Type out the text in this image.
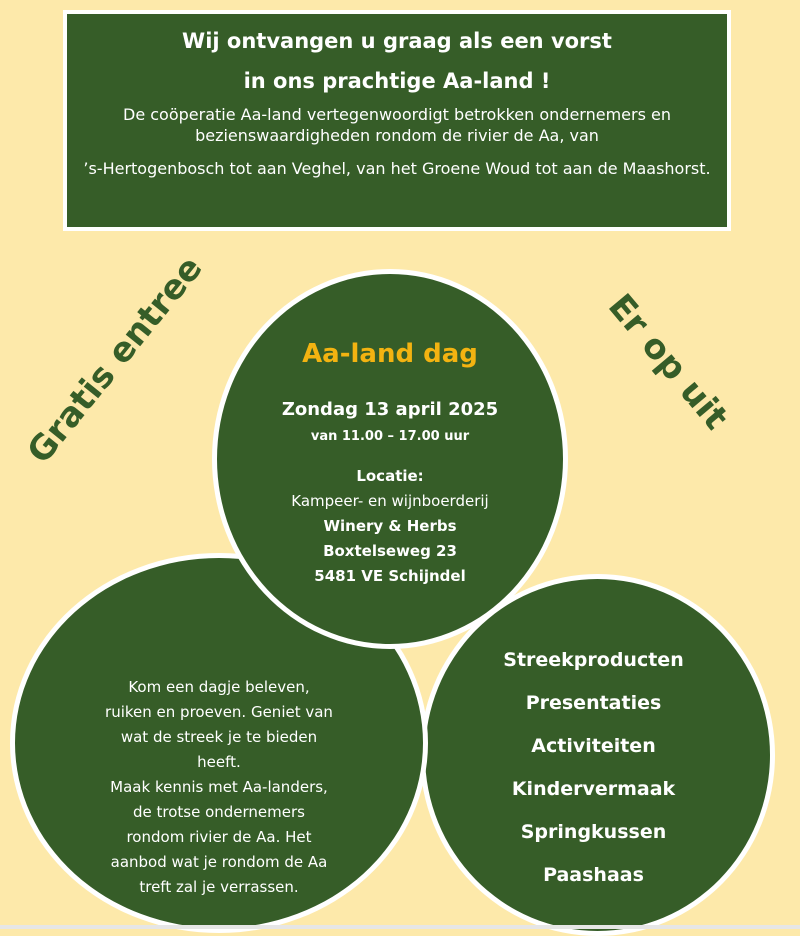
Wij ontvangen u graag als een vorst

in ons prachtige Aa-land !

De coöperatie Aa-land vertegenwoordigt betrokken ondernemers en bezienswaardigheden rondom de rivier de Aa, van

’s-Hertogenbosch tot aan Veghel, van het Groene Woud tot aan de Maashorst.

Gratis entree	Er op uit
Streekproducten
Presentaties
Activiteiten
Kindervermaak
Springkussen
Paashaas
Kom een dagje beleven,
ruiken en proeven. Geniet van
wat de streek je te bieden
heeft.
Maak kennis met Aa-landers,
de trotse ondernemers
rondom rivier de Aa. Het
aanbod wat je rondom de Aa
treft zal je verrassen.
Aa-land dag
Zondag 13 april 2025
van 11.00 – 17.00 uur
Locatie:
Kampeer- en wijnboerderij
Winery & Herbs
Boxtelseweg 23
5481 VE Schijndel
